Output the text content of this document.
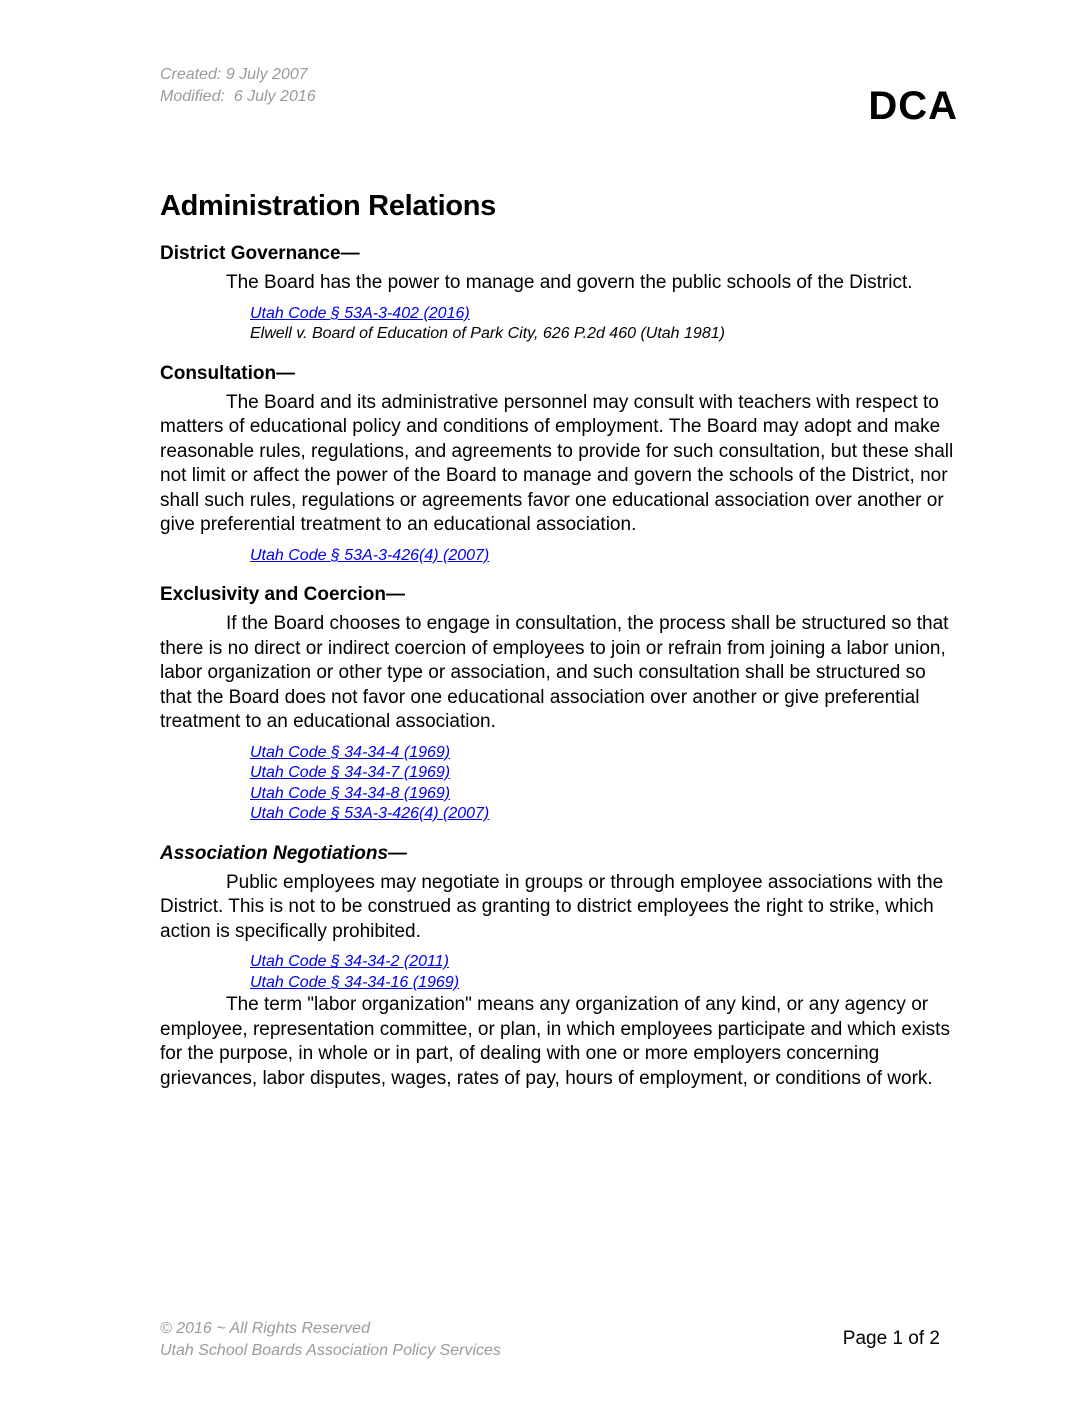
Created: 9 July 2007
Modified:  6 July 2016	DCA
Administration Relations
District Governance—

The Board has the power to manage and govern the public schools of the District.

Utah Code § 53A-3-402 (2016)
Elwell v. Board of Education of Park City, 626 P.2d 460 (Utah 1981)
Consultation—

The Board and its administrative personnel may consult with teachers with respect to matters of educational policy and conditions of employment. The Board may adopt and make reasonable rules, regulations, and agreements to provide for such consultation, but these shall not limit or affect the power of the Board to manage and govern the schools of the District, nor shall such rules, regulations or agreements favor one educational association over another or give preferential treatment to an educational association.

Utah Code § 53A-3-426(4) (2007)
Exclusivity and Coercion—

If the Board chooses to engage in consultation, the process shall be structured so that there is no direct or indirect coercion of employees to join or refrain from joining a labor union, labor organization or other type or association, and such consultation shall be structured so that the Board does not favor one educational association over another or give preferential treatment to an educational association.

Utah Code § 34-34-4 (1969)
Utah Code § 34-34-7 (1969)
Utah Code § 34-34-8 (1969)
Utah Code § 53A-3-426(4) (2007)
Association Negotiations—

Public employees may negotiate in groups or through employee associations with the District. This is not to be construed as granting to district employees the right to strike, which action is specifically prohibited.

Utah Code § 34-34-2 (2011)
Utah Code § 34-34-16 (1969)

The term "labor organization" means any organization of any kind, or any agency or employee, representation committee, or plan, in which employees participate and which exists for the purpose, in whole or in part, of dealing with one or more employers concerning grievances, labor disputes, wages, rates of pay, hours of employment, or conditions of work.

© 2016 ~ All Rights Reserved
Utah School Boards Association Policy Services
Page 1 of 2
